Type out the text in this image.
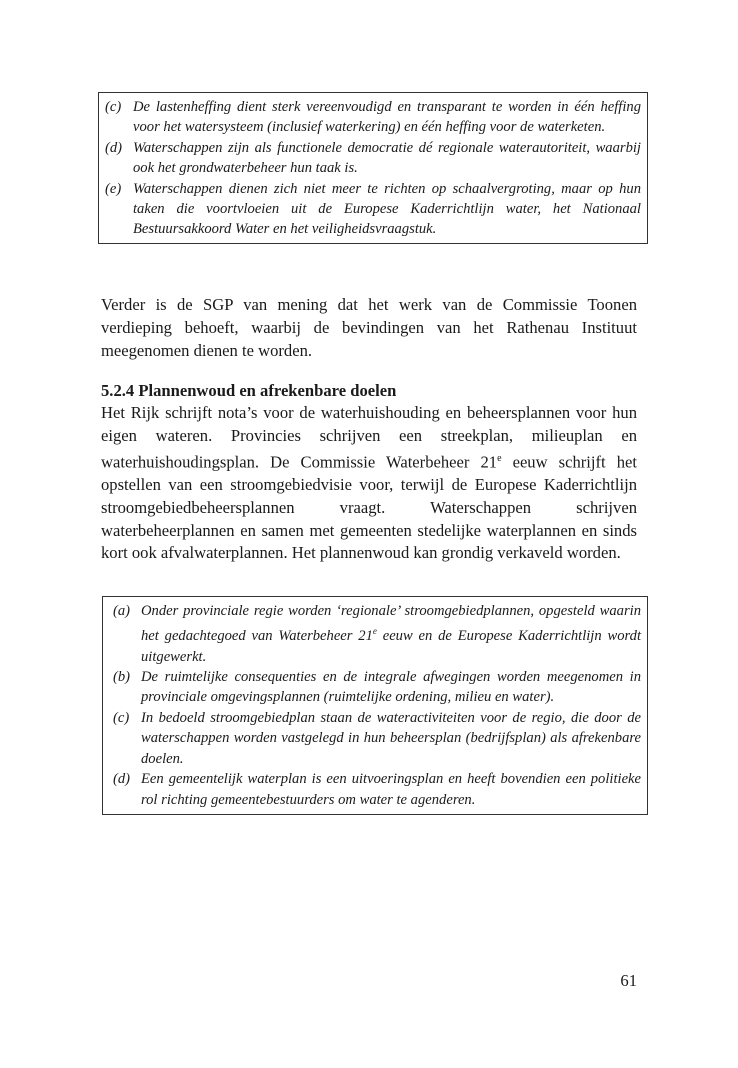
(c) De lastenheffing dient sterk vereenvoudigd en transparant te worden in één heffing voor het watersysteem (inclusief waterkering) en één heffing voor de waterketen.
(d) Waterschappen zijn als functionele democratie dé regionale waterautoriteit, waarbij ook het grondwaterbeheer hun taak is.
(e) Waterschappen dienen zich niet meer te richten op schaalvergroting, maar op hun taken die voortvloeien uit de Europese Kaderrichtlijn water, het Nationaal Bestuursakkoord Water en het veiligheidsvraagstuk.

Verder is de SGP van mening dat het werk van de Commissie Toonen verdieping behoeft, waarbij de bevindingen van het Rathenau Instituut meegenomen dienen te worden.

5.2.4 Plannenwoud en afrekenbare doelen

Het Rijk schrijft nota’s voor de waterhuishouding en beheersplannen voor hun eigen wateren. Provincies schrijven een streekplan, milieuplan en waterhuishoudingsplan. De Commissie Waterbeheer 21e eeuw schrijft het opstellen van een stroomgebiedvisie voor, terwijl de Europese Kaderrichtlijn stroomgebiedbeheersplannen vraagt. Waterschappen schrijven waterbeheerplannen en samen met gemeenten stedelijke waterplannen en sinds kort ook afvalwaterplannen. Het plannenwoud kan grondig verkaveld worden.

(a) Onder provinciale regie worden ‘regionale’ stroomgebiedplannen, opgesteld waarin het gedachtegoed van Waterbeheer 21e eeuw en de Europese Kaderrichtlijn wordt uitgewerkt.
(b) De ruimtelijke consequenties en de integrale afwegingen worden meegenomen in provinciale omgevingsplannen (ruimtelijke ordening, milieu en water).
(c) In bedoeld stroomgebiedplan staan de wateractiviteiten voor de regio, die door de waterschappen worden vastgelegd in hun beheersplan (bedrijfsplan) als afrekenbare doelen.
(d) Een gemeentelijk waterplan is een uitvoeringsplan en heeft bovendien een politieke rol richting gemeentebestuurders om water te agenderen.
61
